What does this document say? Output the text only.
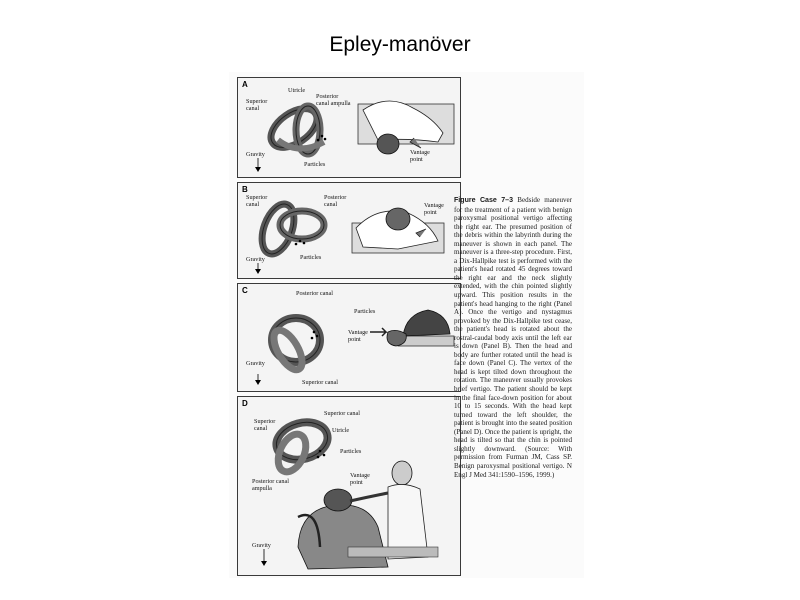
Epley-manöver
A
Superior
canal
Utricle
Posterior
canal ampulla
Particles
Gravity	Vantage
point
B
Superior
canal
Posterior
canal
Particles
Gravity
Vantage
point
C	Posterior canal
Particles
Vantage
point
Gravity
Superior canal
D
Superior
canal
Superior canal
Utricle
Particles
Vantage
point
Posterior canal
ampulla
Gravity
Figure Case 7–3 Bedside maneuver for the treatment of a patient with benign paroxysmal positional vertigo affecting the right ear. The presumed position of the debris within the labyrinth during the maneuver is shown in each panel. The maneuver is a three-step procedure. First, a Dix-Hallpike test is performed with the patient's head rotated 45 degrees toward the right ear and the neck slightly extended, with the chin pointed slightly upward. This position results in the patient's head hanging to the right (Panel A). Once the vertigo and nystagmus provoked by the Dix-Hallpike test cease, the patient's head is rotated about the rostral-caudal body axis until the left ear is down (Panel B). Then the head and body are further rotated until the head is face down (Panel C). The vertex of the head is kept tilted down throughout the rotation. The maneuver usually provokes brief vertigo. The patient should be kept in the final face-down position for about 10 to 15 seconds. With the head kept turned toward the left shoulder, the patient is brought into the seated position (Panel D). Once the patient is upright, the head is tilted so that the chin is pointed slightly downward. (Source: With permission from Furman JM, Cass SP. Benign paroxysmal positional vertigo. N Engl J Med 341:1590–1596, 1999.)
